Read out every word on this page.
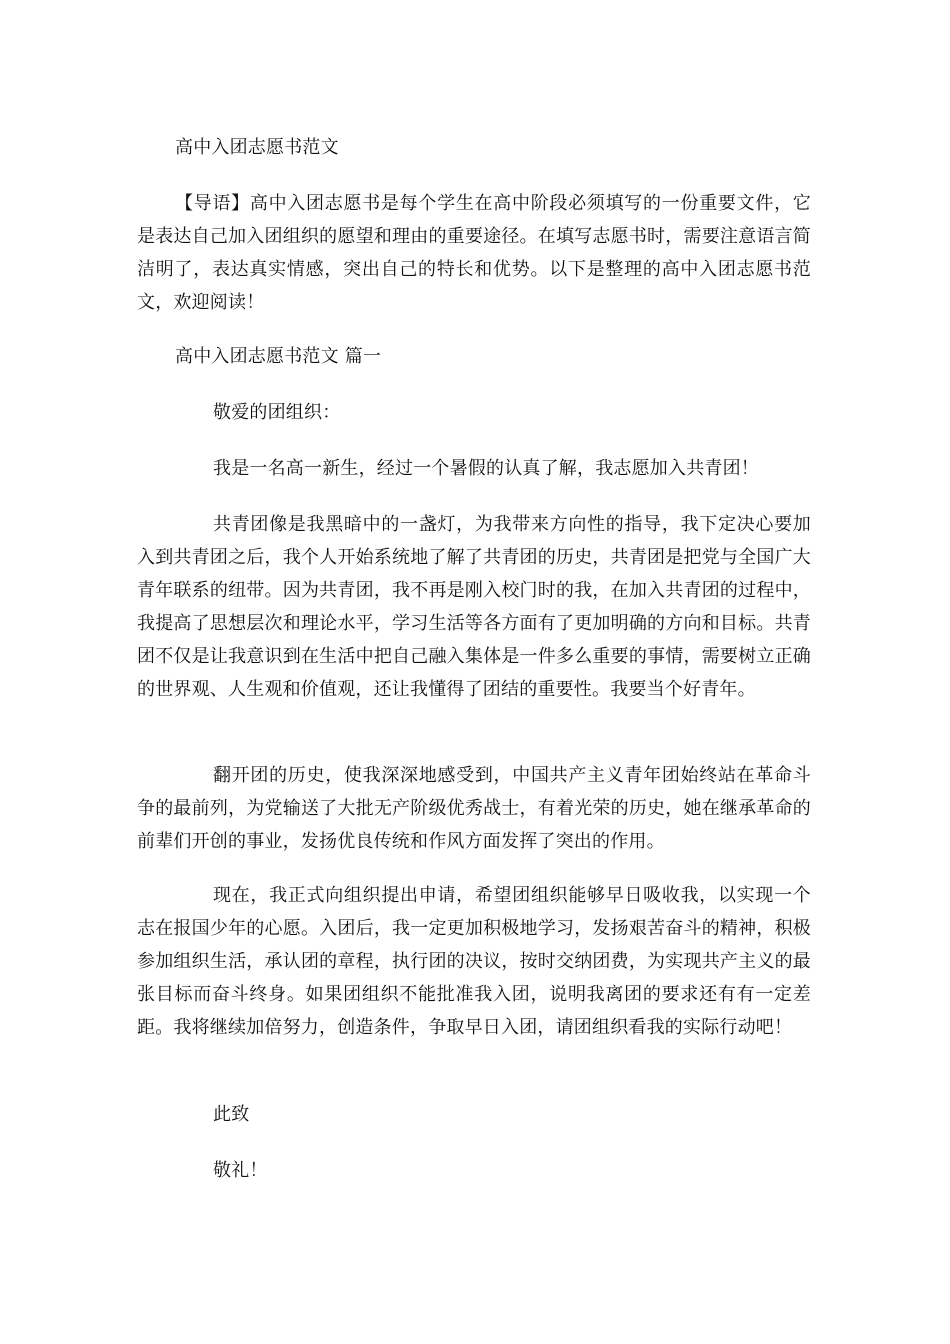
高中入团志愿书范文

【导语】高中入团志愿书是每个学生在高中阶段必须填写的一份重要文件，它是表达自己加入团组织的愿望和理由的重要途径。在填写志愿书时，需要注意语言简洁明了，表达真实情感，突出自己的特长和优势。以下是整理的高中入团志愿书范文，欢迎阅读！

高中入团志愿书范文 篇一

敬爱的团组织：

我是一名高一新生，经过一个暑假的认真了解，我志愿加入共青团！

共青团像是我黑暗中的一盏灯，为我带来方向性的指导，我下定决心要加入到共青团之后，我个人开始系统地了解了共青团的历史，共青团是把党与全国广大青年联系的纽带。因为共青团，我不再是刚入校门时的我，在加入共青团的过程中，我提高了思想层次和理论水平，学习生活等各方面有了更加明确的方向和目标。共青团不仅是让我意识到在生活中把自己融入集体是一件多么重要的事情，需要树立正确的世界观、人生观和价值观，还让我懂得了团结的重要性。我要当个好青年。

翻开团的历史，使我深深地感受到，中国共产主义青年团始终站在革命斗争的最前列，为党输送了大批无产阶级优秀战士，有着光荣的历史，她在继承革命的前辈们开创的事业，发扬优良传统和作风方面发挥了突出的作用。

现在，我正式向组织提出申请，希望团组织能够早日吸收我，以实现一个志在报国少年的心愿。入团后，我一定更加积极地学习，发扬艰苦奋斗的精神，积极参加组织生活，承认团的章程，执行团的决议，按时交纳团费，为实现共产主义的最张目标而奋斗终身。如果团组织不能批准我入团，说明我离团的要求还有有一定差距。我将继续加倍努力，创造条件，争取早日入团，请团组织看我的实际行动吧！

此致

敬礼！
